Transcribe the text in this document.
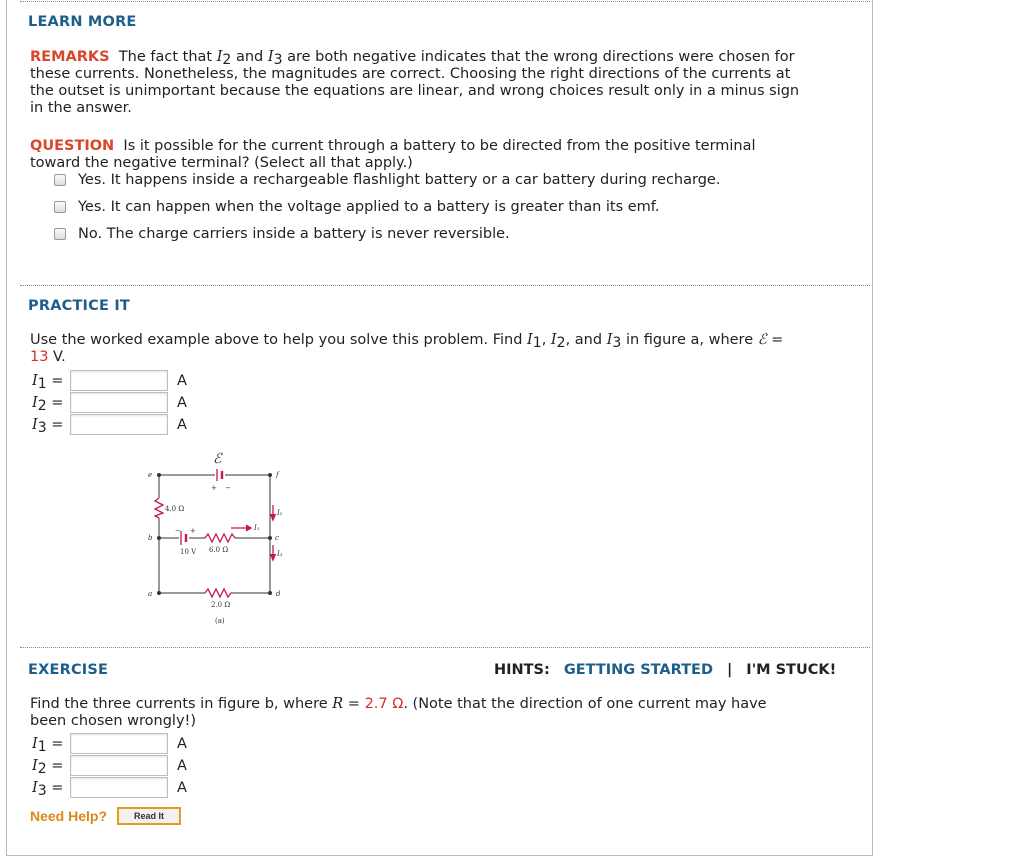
LEARN MORE
REMARKS The fact that I2 and I3 are both negative indicates that the wrong directions were chosen for
these currents. Nonetheless, the magnitudes are correct. Choosing the right directions of the currents at
the outset is unimportant because the equations are linear, and wrong choices result only in a minus sign
in the answer.
QUESTION Is it possible for the current through a battery to be directed from the positive terminal
toward the negative terminal? (Select all that apply.)
Yes. It happens inside a rechargeable flashlight battery or a car battery during recharge.
Yes. It can happen when the voltage applied to a battery is greater than its emf.
No. The charge carriers inside a battery is never reversible.
PRACTICE IT
Use the worked example above to help you solve this problem. Find I1, I2, and I3 in figure a, where ℰ =
13 V.
I1 =	A
I2 =	A
I3 =	A
ℰ
+ −
− +
4.0 Ω
6.0 Ω
2.0 Ω
10 V
I₁
I₂
I₃
e	f
b	c
a	d
(a)
EXERCISE	HINTS: GETTING STARTED | I'M STUCK!
Find the three currents in figure b, where R = 2.7 Ω. (Note that the direction of one current may have
been chosen wrongly!)
I1 =	A
I2 =	A
I3 =	A
Need Help?	Read It
